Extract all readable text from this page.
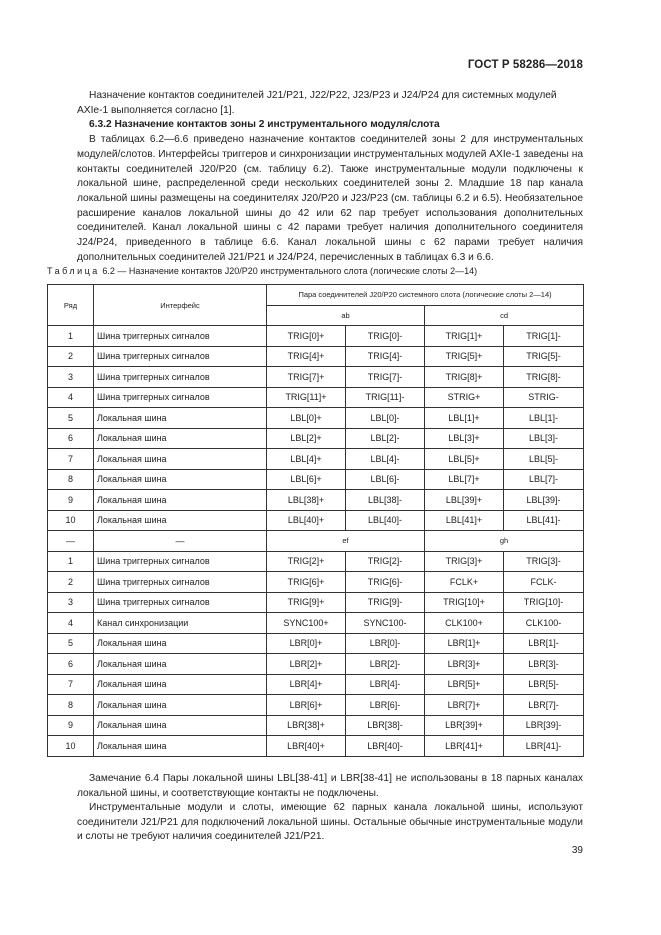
ГОСТ Р 58286—2018
Назначение контактов соединителей J21/P21, J22/P22, J23/P23 и J24/P24 для системных модулей
AXIe-1 выполняется согласно [1].
6.3.2 Назначение контактов зоны 2 инструментального модуля/слота
В таблицах 6.2—6.6 приведено назначение контактов соединителей зоны 2 для инструментальных модулей/слотов. Интерфейсы триггеров и синхронизации инструментальных модулей AXIe-1 заведены на контакты соединителей J20/P20 (см. таблицу 6.2). Также инструментальные модули подключены к локальной шине, распределенной среди нескольких соединителей зоны 2. Младшие 18 пар канала локальной шины размещены на соединителях J20/P20 и J23/P23 (см. таблицы 6.2 и 6.5). Необязательное расширение каналов локальной шины до 42 или 62 пар требует использования дополнительных соединителей. Канал локальной шины с 42 парами требует наличия дополнительного соединителя J24/P24, приведенного в таблице 6.6. Канал локальной шины с 62 парами требует наличия дополнительных соединителей J21/P21 и J24/P24, перечисленных в таблицах 6.3 и 6.6.
Таблица 6.2 — Назначение контактов J20/P20 инструментального слота (логические слоты 2—14)
Ряд	Интерфейс	Пара соединителей J20/P20 системного слота (логические слоты 2—14)			
		ab		cd	
1	Шина триггерных сигналов	TRIG[0]+	TRIG[0]-	TRIG[1]+	TRIG[1]-
2	Шина триггерных сигналов	TRIG[4]+	TRIG[4]-	TRIG[5]+	TRIG[5]-
3	Шина триггерных сигналов	TRIG[7]+	TRIG[7]-	TRIG[8]+	TRIG[8]-
4	Шина триггерных сигналов	TRIG[11]+	TRIG[11]-	STRIG+	STRIG-
5	Локальная шина	LBL[0]+	LBL[0]-	LBL[1]+	LBL[1]-
6	Локальная шина	LBL[2]+	LBL[2]-	LBL[3]+	LBL[3]-
7	Локальная шина	LBL[4]+	LBL[4]-	LBL[5]+	LBL[5]-
8	Локальная шина	LBL[6]+	LBL[6]-	LBL[7]+	LBL[7]-
9	Локальная шина	LBL[38]+	LBL[38]-	LBL[39]+	LBL[39]-
10	Локальная шина	LBL[40]+	LBL[40]-	LBL[41]+	LBL[41]-
—	—	ef		gh	
1	Шина триггерных сигналов	TRIG[2]+	TRIG[2]-	TRIG[3]+	TRIG[3]-
2	Шина триггерных сигналов	TRIG[6]+	TRIG[6]-	FCLK+	FCLK-
3	Шина триггерных сигналов	TRIG[9]+	TRIG[9]-	TRIG[10]+	TRIG[10]-
4	Канал синхронизации	SYNC100+	SYNC100-	CLK100+	CLK100-
5	Локальная шина	LBR[0]+	LBR[0]-	LBR[1]+	LBR[1]-
6	Локальная шина	LBR[2]+	LBR[2]-	LBR[3]+	LBR[3]-
7	Локальная шина	LBR[4]+	LBR[4]-	LBR[5]+	LBR[5]-
8	Локальная шина	LBR[6]+	LBR[6]-	LBR[7]+	LBR[7]-
9	Локальная шина	LBR[38]+	LBR[38]-	LBR[39]+	LBR[39]-
10	Локальная шина	LBR[40]+	LBR[40]-	LBR[41]+	LBR[41]-

Замечание 6.4 Пары локальной шины LBL[38-41] и LBR[38-41] не использованы в 18 парных каналах локальной шины, и соответствующие контакты не подключены.

Инструментальные модули и слоты, имеющие 62 парных канала локальной шины, используют соединители J21/P21 для подключений локальной шины. Остальные обычные инструментальные модули и слоты не требуют наличия соединителей J21/P21.

39
